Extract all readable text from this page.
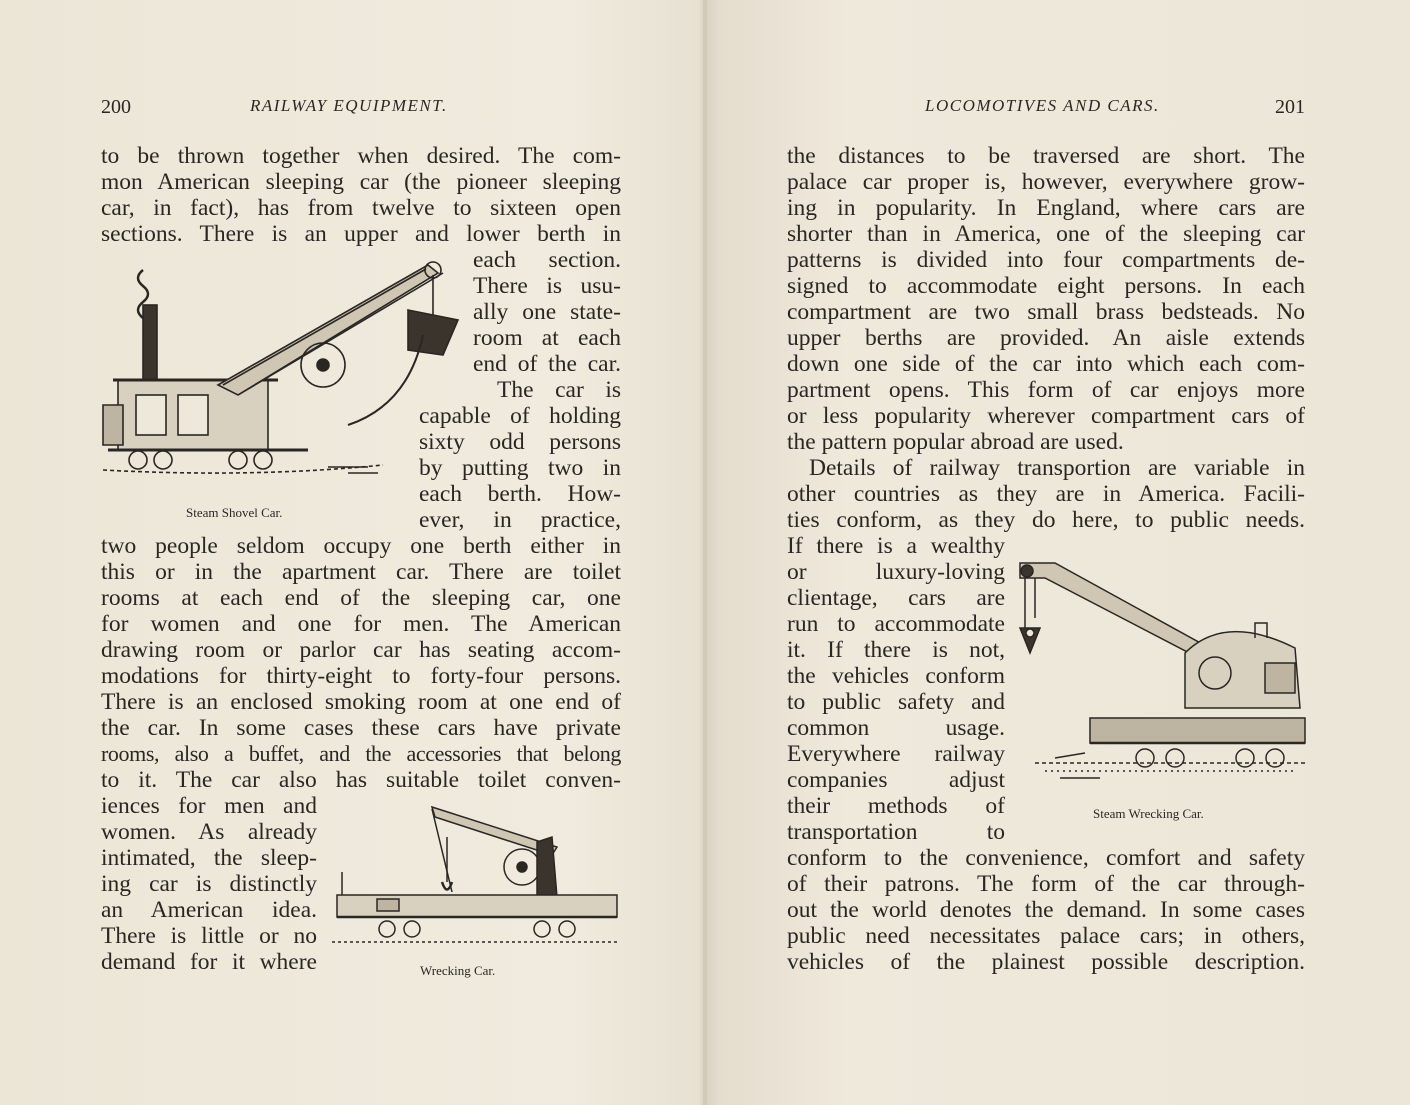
200	RAILWAY EQUIPMENT.
to be thrown together when desired. The com-
mon American sleeping car (the pioneer sleeping
car, in fact), has from twelve to sixteen open
sections. There is an upper and lower berth in
each section.
There is usu-
ally one state-
room at each
end of the car.
The car is
capable of holding
sixty odd persons
by putting two in
each berth. How-
ever, in practice,
two people seldom occupy one berth either in
this or in the apartment car. There are toilet
rooms at each end of the sleeping car, one
for women and one for men. The American
drawing room or parlor car has seating accom-
modations for thirty-eight to forty-four persons.
There is an enclosed smoking room at one end of
the car. In some cases these cars have private
rooms, also a buffet, and the accessories that belong
to it. The car also has suitable toilet conven-
iences for men and
women. As already
intimated, the sleep-
ing car is distinctly
an American idea.
There is little or no
demand for it where
Steam Shovel Car.
Wrecking Car.
LOCOMOTIVES AND CARS.	201
the distances to be traversed are short. The
palace car proper is, however, everywhere grow-
ing in popularity. In England, where cars are
shorter than in America, one of the sleeping car
patterns is divided into four compartments de-
signed to accommodate eight persons. In each
compartment are two small brass bedsteads. No
upper berths are provided. An aisle extends
down one side of the car into which each com-
partment opens. This form of car enjoys more
or less popularity wherever compartment cars of
the pattern popular abroad are used.
Details of railway transportion are variable in
other countries as they are in America. Facili-
ties conform, as they do here, to public needs.
If there is a wealthy
or luxury-loving
clientage, cars are
run to accommodate
it. If there is not,
the vehicles conform
to public safety and
common usage.
Everywhere railway
companies adjust
their methods of
transportation to
conform to the convenience, comfort and safety
of their patrons. The form of the car through-
out the world denotes the demand. In some cases
public need necessitates palace cars; in others,
vehicles of the plainest possible description.
Steam Wrecking Car.
